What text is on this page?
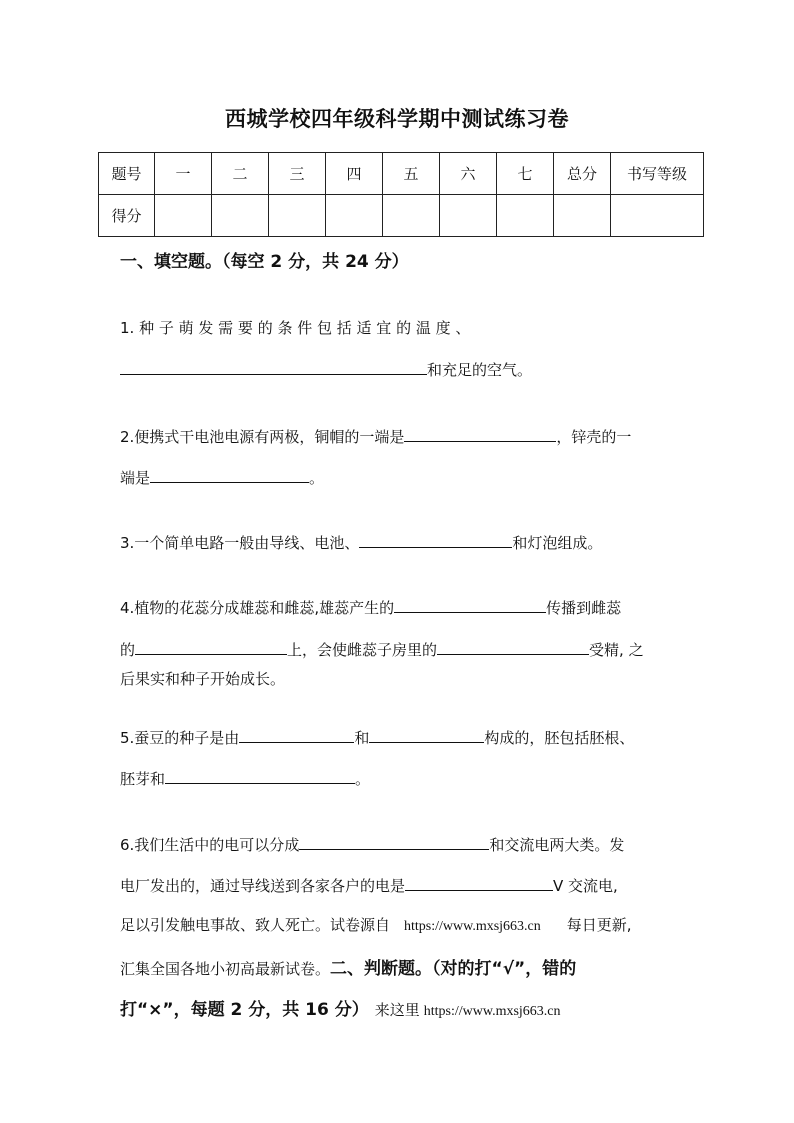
西城学校四年级科学期中测试练习卷
题号	一	二	三	四	五	六	七	总分	书写等级
得分									
一、填空题。（每空 2 分，共 24 分）
1. 种 子 萌 发 需 要 的 条 件 包 括 适 宜 的 温 度 、
和充足的空气。
2.便携式干电池电源有两极，铜帽的一端是	，锌壳的一
端是	。
3.一个简单电路一般由导线、电池、	和灯泡组成。
4.植物的花蕊分成雄蕊和雌蕊,雄蕊产生的	传播到雌蕊
的	上，会使雌蕊子房里的	受精, 之
后果实和种子开始成长。
5.蚕豆的种子是由	和	构成的，胚包括胚根、
胚芽和	。
6.我们生活中的电可以分成	和交流电两大类。发
电厂发出的，通过导线送到各家各户的电是	V 交流电,
足以引发触电事故、致人死亡。试卷源自 https://www.mxsj663.cn 每日更新,
汇集全国各地小初高最新试卷。二、判断题。（对的打“√”，错的
打“×”，每题 2 分，共 16 分） 来这里 https://www.mxsj663.cn
